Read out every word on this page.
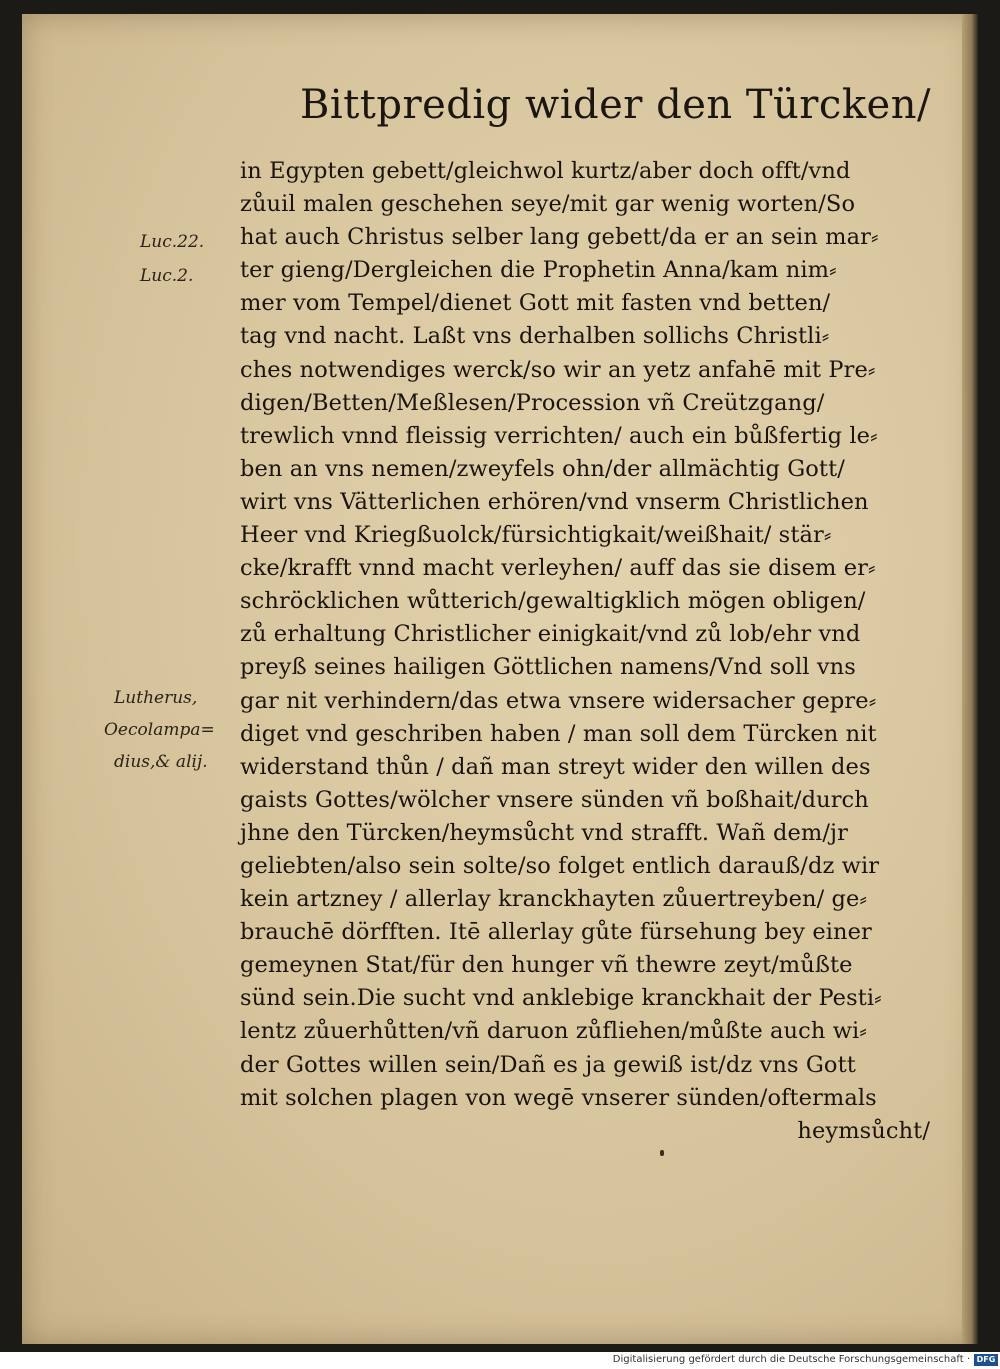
Bittpredig wider den Türcken/
in Egypten gebett/gleichwol kurtz/aber doch offt/vnd
zůuil malen geschehen seye/mit gar wenig worten/So
hat auch Christus selber lang gebett/da er an sein mar⸗
ter gieng/Dergleichen die Prophetin Anna/kam nim⸗
mer vom Tempel/dienet Gott mit fasten vnd betten/
tag vnd nacht. Laßt vns derhalben sollichs Christli⸗
ches notwendiges werck/so wir an yetz anfahē mit Pre⸗
digen/Betten/Meßlesen/Procession vñ Creützgang/
trewlich vnnd fleissig verrichten/ auch ein bůßfertig le⸗
ben an vns nemen/zweyfels ohn/der allmächtig Gott/
wirt vns Vätterlichen erhören/vnd vnserm Christlichen
Heer vnd Kriegßuolck/fürsichtigkait/weißhait/ stär⸗
cke/krafft vnnd macht verleyhen/ auff das sie disem er⸗
schröcklichen wůtterich/gewaltigklich mögen obligen/
zů erhaltung Christlicher einigkait/vnd zů lob/ehr vnd
preyß seines hailigen Göttlichen namens/Vnd soll vns
gar nit verhindern/das etwa vnsere widersacher gepre⸗
diget vnd geschriben haben / man soll dem Türcken nit
widerstand thůn / dañ man streyt wider den willen des
gaists Gottes/wölcher vnsere sünden vñ boßhait/durch
jhne den Türcken/heymsůcht vnd strafft. Wañ dem/jr
geliebten/also sein solte/so folget entlich darauß/dz wir
kein artzney / allerlay kranckhayten zůuertreyben/ ge⸗
brauchē dörfften. Itē allerlay gůte fürsehung bey einer
gemeynen Stat/für den hunger vñ thewre zeyt/můßte
sünd sein.Die sucht vnd anklebige kranckhait der Pesti⸗
lentz zůuerhůtten/vñ daruon zůfliehen/můßte auch wi⸗
der Gottes willen sein/Dañ es ja gewiß ist/dz vns Gott
mit solchen plagen von wegē vnserer sünden/oftermals
heymsůcht/
Luc.22.
Luc.2.
Lutherus,
Oecolampa=
dius,& alij.
Digitalisierung gefördert durch die Deutsche Forschungsgemeinschaft · DFG
